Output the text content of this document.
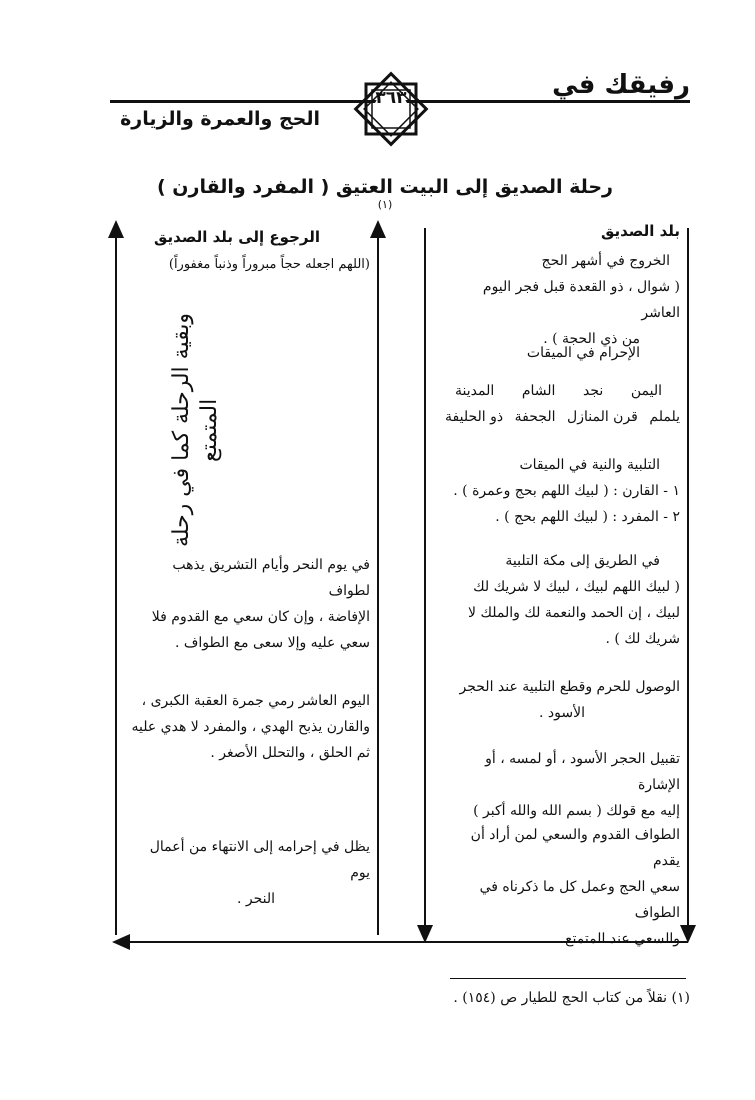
رفيقك في
الحج والعمرة والزيارة
٣٦٣
رحلة الصديق إلى البيت العتيق ( المفرد والقارن ) $^{(١)}$
بلد الصديق
الخروج في أشهر الحج
( شوال ، ذو القعدة قبل فجر اليوم العاشر
من ذي الحجة ) .
الإحرام في الميقات
اليمن
نجد
الشام
المدينة
يلملم
قرن المنازل
الجحفة
ذو الحليفة
التلبية والنية في الميقات
١ - القارن : ( لبيك اللهم بحج وعمرة ) .
٢ - المفرد : ( لبيك اللهم بحج ) .
في الطريق إلى مكة التلبية
( لبيك اللهم لبيك ، لبيك لا شريك لك
لبيك ، إن الحمد والنعمة لك والملك لا
شريك لك ) .
الوصول للحرم وقطع التلبية عند الحجر
الأسود .
تقبيل الحجر الأسود ، أو لمسه ، أو الإشارة
إليه مع قولك ( بسم الله والله أكبر )
الطواف القدوم والسعي لمن أراد أن يقدم
سعي الحج وعمل كل ما ذكرناه في الطواف
والسعي عند المتمتع .
الرجوع إلى بلد الصديق
(اللهم اجعله حجاً مبروراً وذنباً مغفوراً)
وبقية الرحلة كما في رحلة المتمتع
في يوم النحر وأيام التشريق يذهب لطواف
الإفاضة ، وإن كان سعي مع القدوم فلا
سعي عليه وإلا سعى مع الطواف .
اليوم العاشر رمي جمرة العقبة الكبرى ،
والقارن يذبح الهدي ، والمفرد لا هدي عليه
ثم الحلق ، والتحلل الأصغر .
يظل في إحرامه إلى الانتهاء من أعمال يوم
النحر .
(١) نقلاً من كتاب الحج للطيار ص (١٥٤) .
